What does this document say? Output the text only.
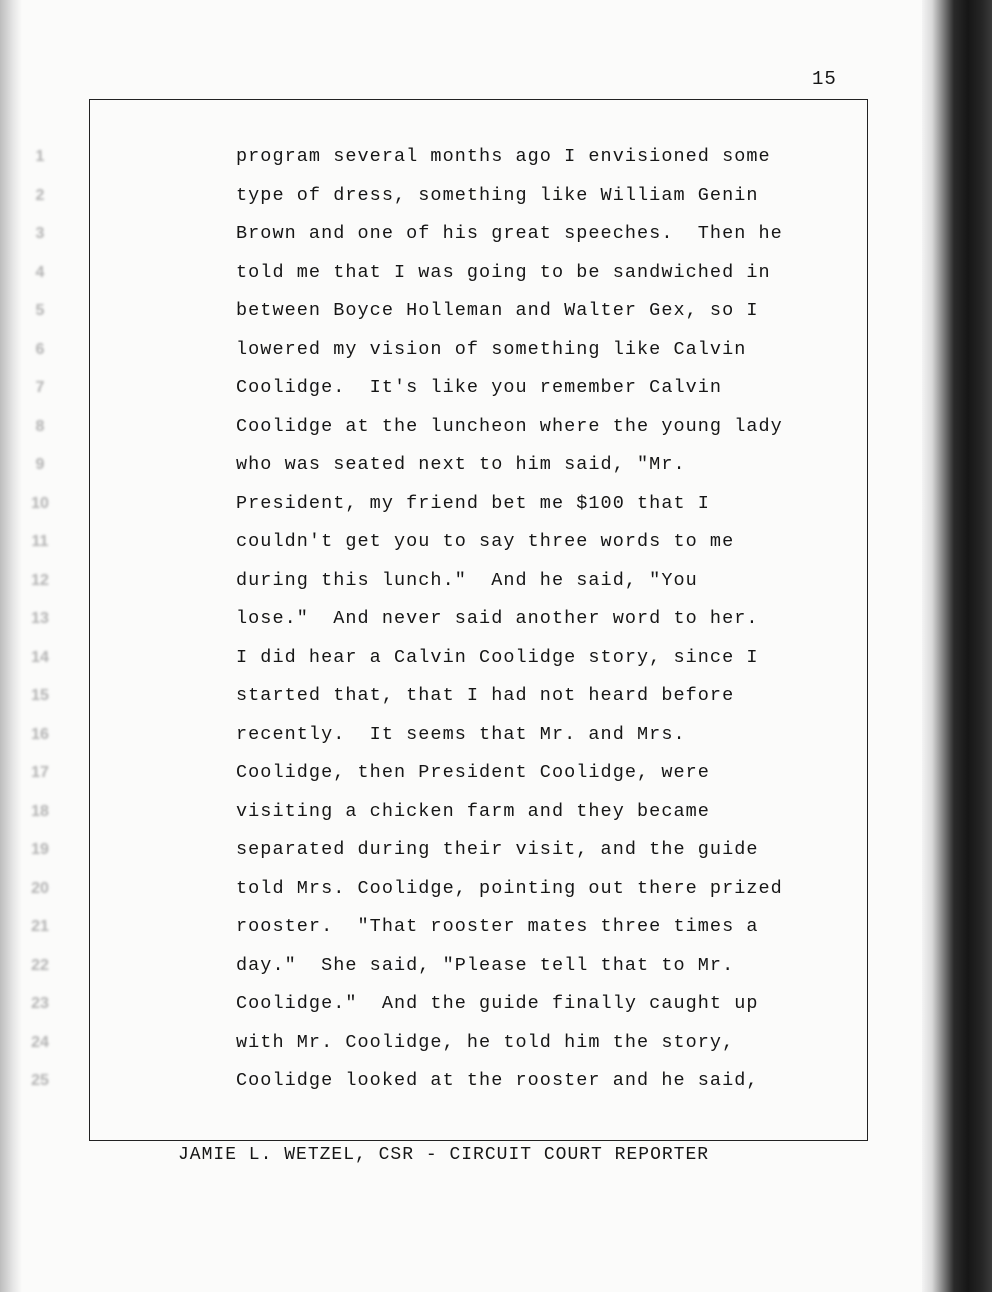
15
1
2
3
4
5
6
7
8
9
10
11
12
13
14
15
16
17
18
19
20
21
22
23
24
25
program several months ago I envisioned some
type of dress, something like William Genin
Brown and one of his great speeches.  Then he
told me that I was going to be sandwiched in
between Boyce Holleman and Walter Gex, so I
lowered my vision of something like Calvin
Coolidge.  It's like you remember Calvin
Coolidge at the luncheon where the young lady
who was seated next to him said, "Mr.
President, my friend bet me $100 that I
couldn't get you to say three words to me
during this lunch."  And he said, "You
lose."  And never said another word to her.
I did hear a Calvin Coolidge story, since I
started that, that I had not heard before
recently.  It seems that Mr. and Mrs.
Coolidge, then President Coolidge, were
visiting a chicken farm and they became
separated during their visit, and the guide
told Mrs. Coolidge, pointing out there prized
rooster.  "That rooster mates three times a
day."  She said, "Please tell that to Mr.
Coolidge."  And the guide finally caught up
with Mr. Coolidge, he told him the story,
Coolidge looked at the rooster and he said,
JAMIE L. WETZEL, CSR - CIRCUIT COURT REPORTER
